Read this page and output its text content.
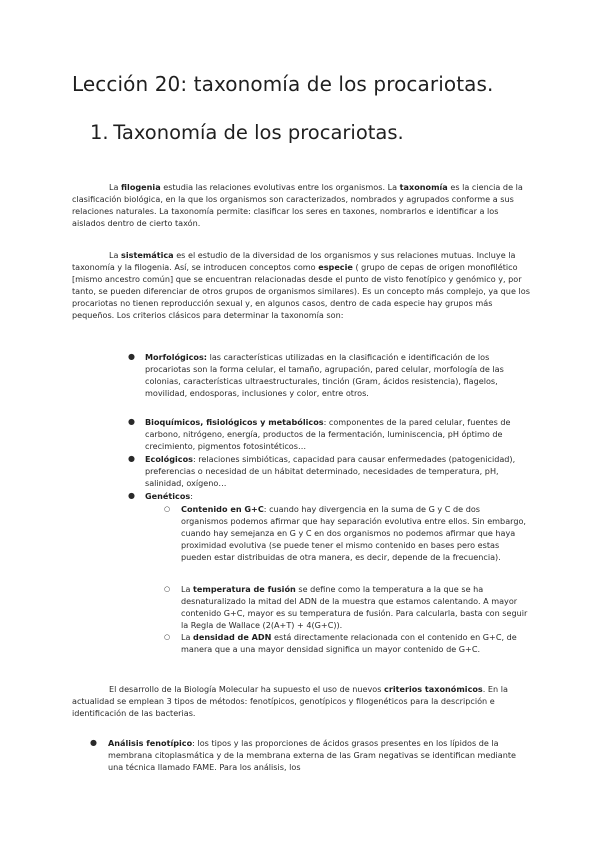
Lección 20: taxonomía de los procariotas.
1. Taxonomía de los procariotas.
La filogenia estudia las relaciones evolutivas entre los organismos. La taxonomía es la ciencia de la clasificación biológica, en la que los organismos son caracterizados, nombrados y agrupados conforme a sus relaciones naturales. La taxonomía permite: clasificar los seres en taxones, nombrarlos e identificar a los aislados dentro de cierto taxón.
La sistemática es el estudio de la diversidad de los organismos y sus relaciones mutuas. Incluye la taxonomía y la filogenia. Así, se introducen conceptos como especie ( grupo de cepas de origen monofilético [mismo ancestro común] que se encuentran relacionadas desde el punto de visto fenotípico y genómico y, por tanto, se pueden diferenciar de otros grupos de organismos similares). Es un concepto más complejo, ya que los procariotas no tienen reproducción sexual y, en algunos casos, dentro de cada especie hay grupos más pequeños. Los criterios clásicos para determinar la taxonomía son:
● Morfológicos: las características utilizadas en la clasificación e identificación de los procariotas son la forma celular, el tamaño, agrupación, pared celular, morfología de las colonias, características ultraestructurales, tinción (Gram, ácidos resistencia), flagelos, movilidad, endosporas, inclusiones y color, entre otros.
● Bioquímicos, fisiológicos y metabólicos: componentes de la pared celular, fuentes de carbono, nitrógeno, energía, productos de la fermentación, luminiscencia, pH óptimo de crecimiento, pigmentos fotosintéticos…
● Ecológicos: relaciones simbióticas, capacidad para causar enfermedades (patogenicidad), preferencias o necesidad de un hábitat determinado, necesidades de temperatura, pH, salinidad, oxígeno…
● Genéticos:
○ Contenido en G+C: cuando hay divergencia en la suma de G y C de dos organismos podemos afirmar que hay separación evolutiva entre ellos. Sin embargo, cuando hay semejanza en G y C en dos organismos no podemos afirmar que haya proximidad evolutiva (se puede tener el mismo contenido en bases pero estas pueden estar distribuidas de otra manera, es decir, depende de la frecuencia).
○ La temperatura de fusión se define como la temperatura a la que se ha desnaturalizado la mitad del ADN de la muestra que estamos calentando. A mayor contenido G+C, mayor es su temperatura de fusión. Para calcularla, basta con seguir la Regla de Wallace (2(A+T) + 4(G+C)).
○ La densidad de ADN está directamente relacionada con el contenido en G+C, de manera que a una mayor densidad significa un mayor contenido de G+C.
El desarrollo de la Biología Molecular ha supuesto el uso de nuevos criterios taxonómicos. En la actualidad se emplean 3 tipos de métodos: fenotípicos, genotípicos y filogenéticos para la descripción e identificación de las bacterias.
● Análisis fenotípico: los tipos y las proporciones de ácidos grasos presentes en los lípidos de la membrana citoplasmática y de la membrana externa de las Gram negativas se identifican mediante una técnica llamado FAME. Para los análisis, los
